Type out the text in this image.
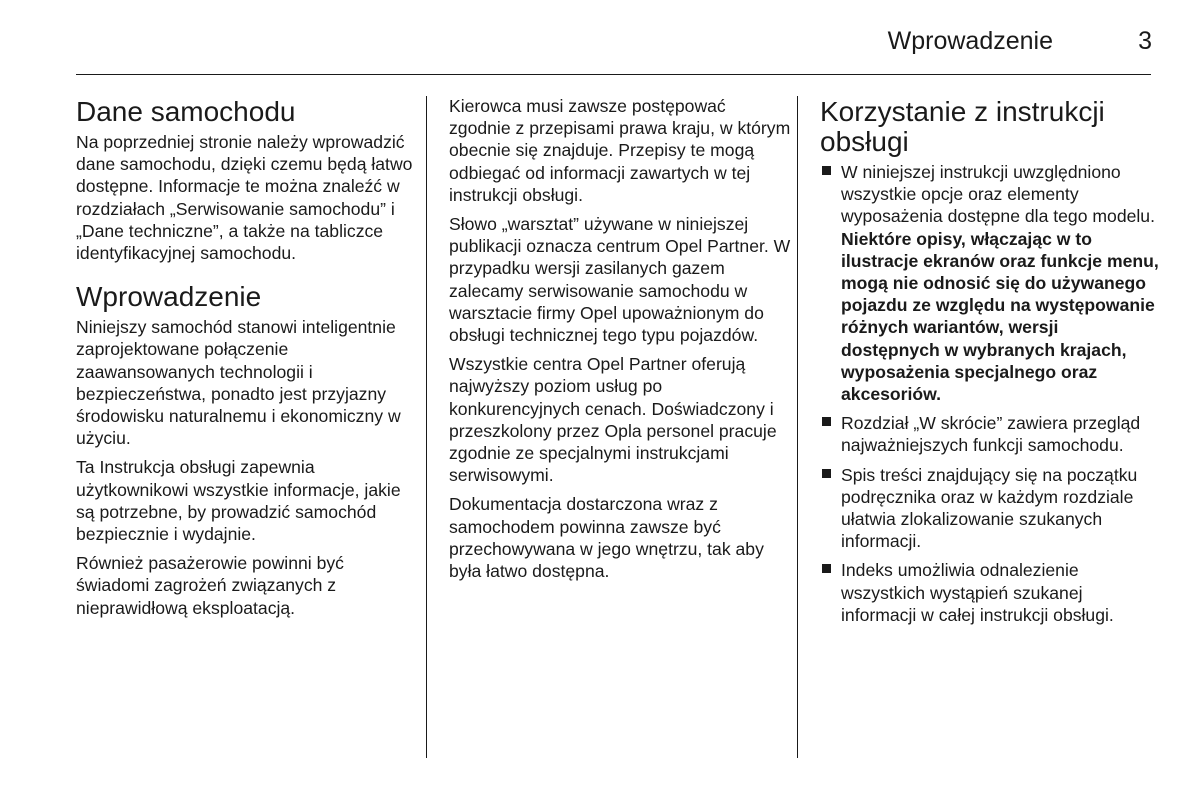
Wprowadzenie	3
Dane samochodu

Na poprzedniej stronie należy wprowadzić dane samochodu, dzięki czemu będą łatwo dostępne. Informacje te można znaleźć w rozdziałach „Serwisowanie samochodu” i „Dane techniczne”, a także na tabliczce identyfikacyjnej samochodu.

Wprowadzenie

Niniejszy samochód stanowi inteligentnie zaprojektowane połączenie zaawansowanych technologii i bezpieczeństwa, ponadto jest przyjazny środowisku naturalnemu i ekonomiczny w użyciu.

Ta Instrukcja obsługi zapewnia użytkownikowi wszystkie informacje, jakie są potrzebne, by prowadzić samochód bezpiecznie i wydajnie.

Również pasażerowie powinni być świadomi zagrożeń związanych z nieprawidłową eksploatacją.

Kierowca musi zawsze postępować zgodnie z przepisami prawa kraju, w którym obecnie się znajduje. Przepisy te mogą odbiegać od informacji zawartych w tej instrukcji obsługi.

Słowo „warsztat” używane w niniejszej publikacji oznacza centrum Opel Partner. W przypadku wersji zasilanych gazem zalecamy serwisowanie samochodu w warsztacie firmy Opel upoważnionym do obsługi technicznej tego typu pojazdów.

Wszystkie centra Opel Partner oferują najwyższy poziom usług po konkurencyjnych cenach. Doświadczony i przeszkolony przez Opla personel pracuje zgodnie ze specjalnymi instrukcjami serwisowymi.

Dokumentacja dostarczona wraz z samochodem powinna zawsze być przechowywana w jego wnętrzu, tak aby była łatwo dostępna.

Korzystanie z instrukcji obsługi
W niniejszej instrukcji uwzględniono wszystkie opcje oraz elementy wyposażenia dostępne dla tego modelu. Niektóre opisy, włączając w to ilustracje ekranów oraz funkcje menu, mogą nie odnosić się do używanego pojazdu ze względu na występowanie różnych wariantów, wersji dostępnych w wybranych krajach, wyposażenia specjalnego oraz akcesoriów.
Rozdział „W skrócie” zawiera przegląd najważniejszych funkcji samochodu.
Spis treści znajdujący się na początku podręcznika oraz w każdym rozdziale ułatwia zlokalizowanie szukanych informacji.
Indeks umożliwia odnalezienie wszystkich wystąpień szukanej informacji w całej instrukcji obsługi.
